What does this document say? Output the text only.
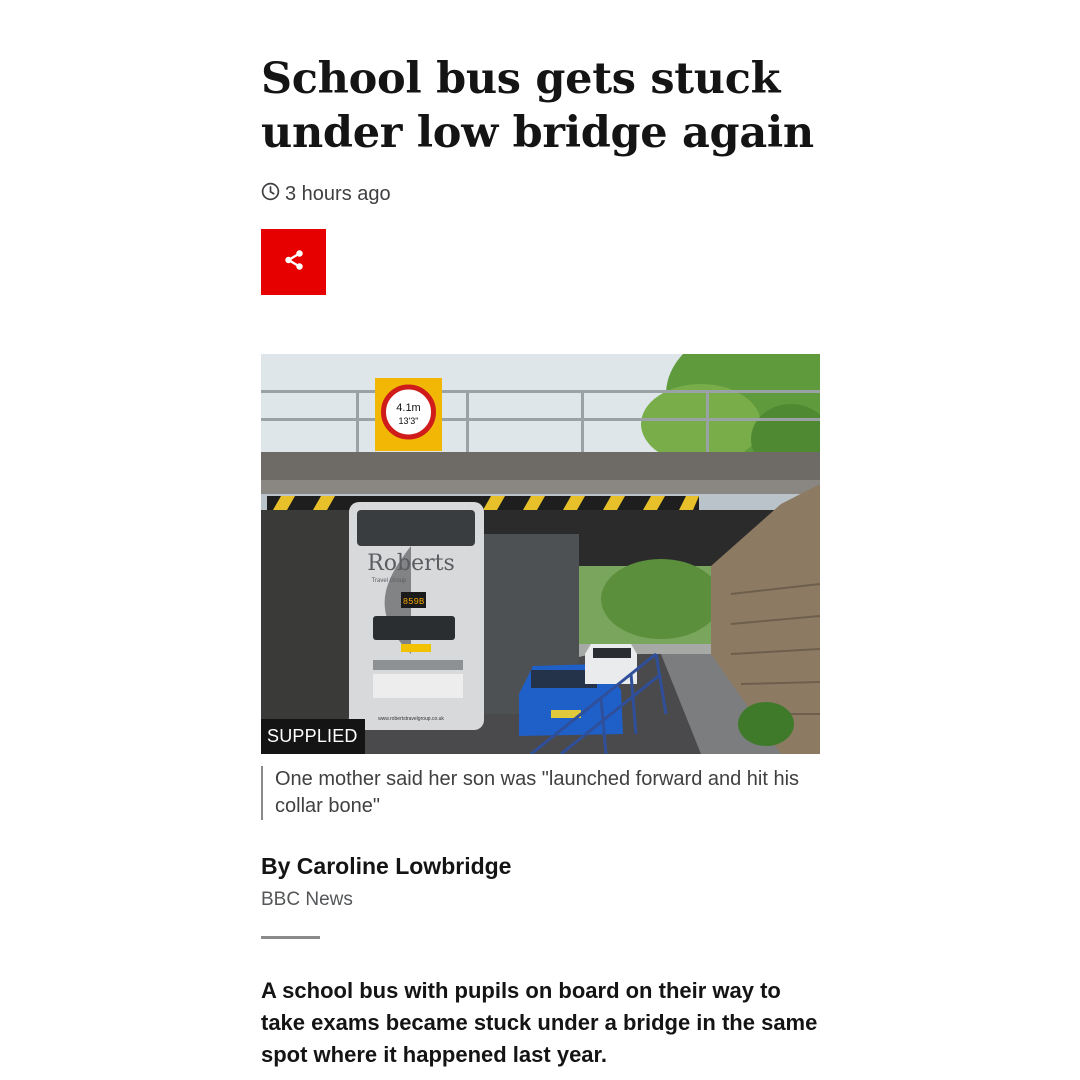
School bus gets stuck under low bridge again
3 hours ago
4.1m
13'3"
Roberts
Travel Group
859B
www.robertstravelgroup.co.uk
SUPPLIED
One mother said her son was "launched forward and hit his collar bone"
By Caroline Lowbridge
BBC News

A school bus with pupils on board on their way to take exams became stuck under a bridge in the same spot where it happened last year.
